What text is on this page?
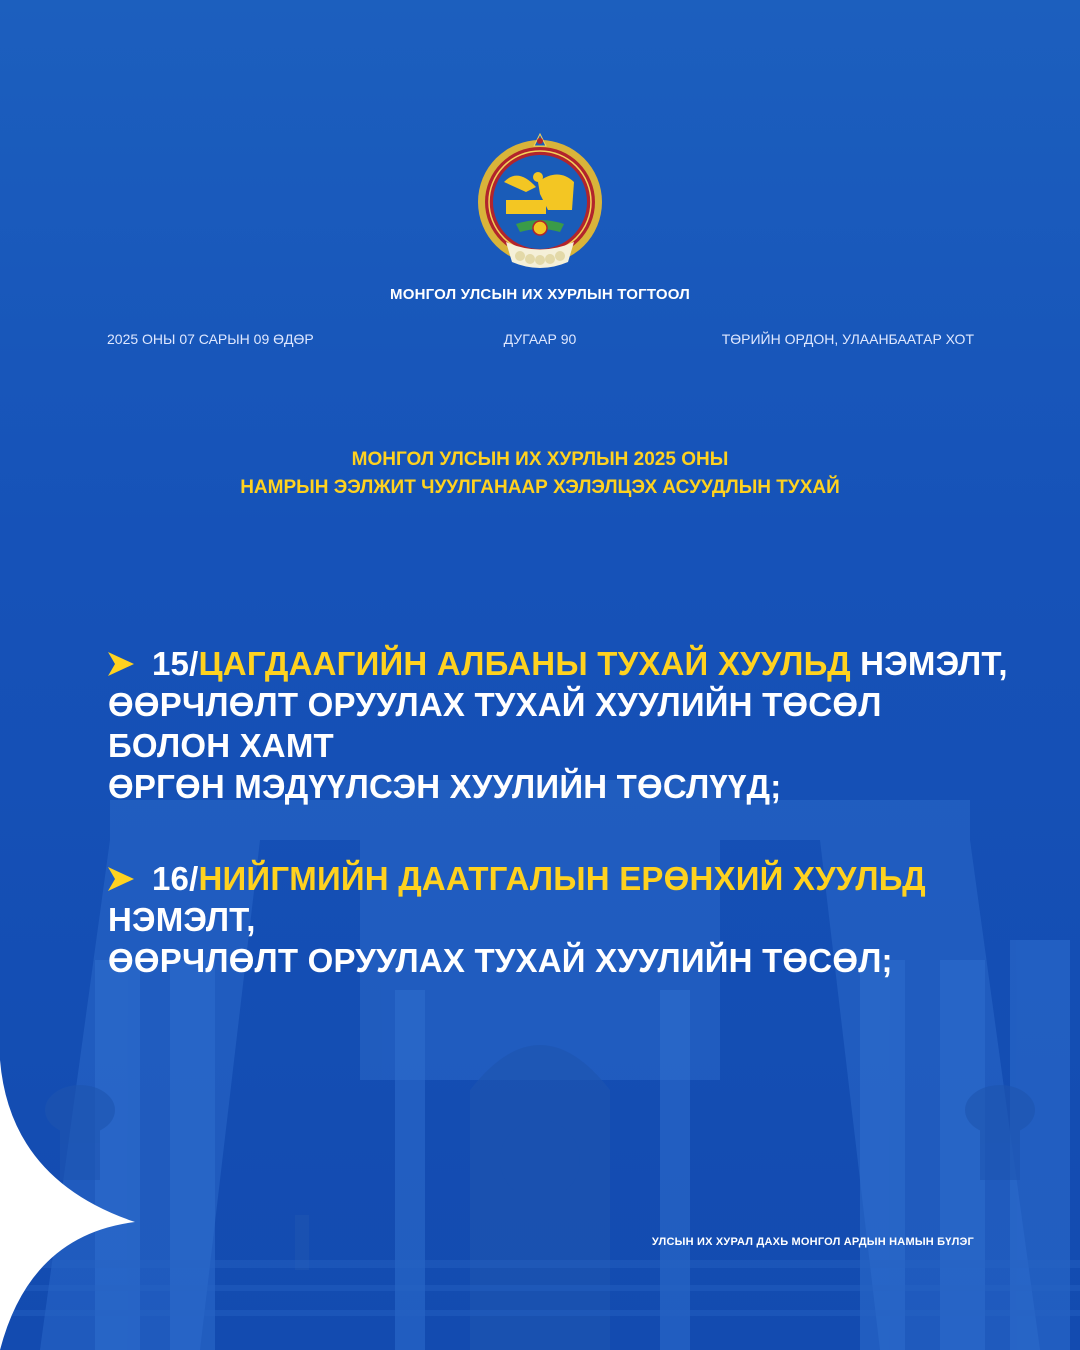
МОНГОЛ УЛСЫН ИХ ХУРЛЫН ТОГТООЛ
2025 ОНЫ 07 САРЫН 09 ӨДӨР	ДУГААР 90	ТӨРИЙН ОРДОН, УЛААНБААТАР ХОТ
МОНГОЛ УЛСЫН ИХ ХУРЛЫН 2025 ОНЫ
НАМРЫН ЭЭЛЖИТ ЧУУЛГАНААР ХЭЛЭЛЦЭХ АСУУДЛЫН ТУХАЙ
15/ЦАГДААГИЙН АЛБАНЫ ТУХАЙ ХУУЛЬД НЭМЭЛТ,
ӨӨРЧЛӨЛТ ОРУУЛАХ ТУХАЙ ХУУЛИЙН ТӨСӨЛ БОЛОН ХАМТ
ӨРГӨН МЭДҮҮЛСЭН ХУУЛИЙН ТӨСЛҮҮД;
16/НИЙГМИЙН ДААТГАЛЫН ЕРӨНХИЙ ХУУЛЬД НЭМЭЛТ,
ӨӨРЧЛӨЛТ ОРУУЛАХ ТУХАЙ ХУУЛИЙН ТӨСӨЛ;
УЛСЫН ИХ ХУРАЛ ДАХЬ МОНГОЛ АРДЫН НАМЫН БҮЛЭГ
